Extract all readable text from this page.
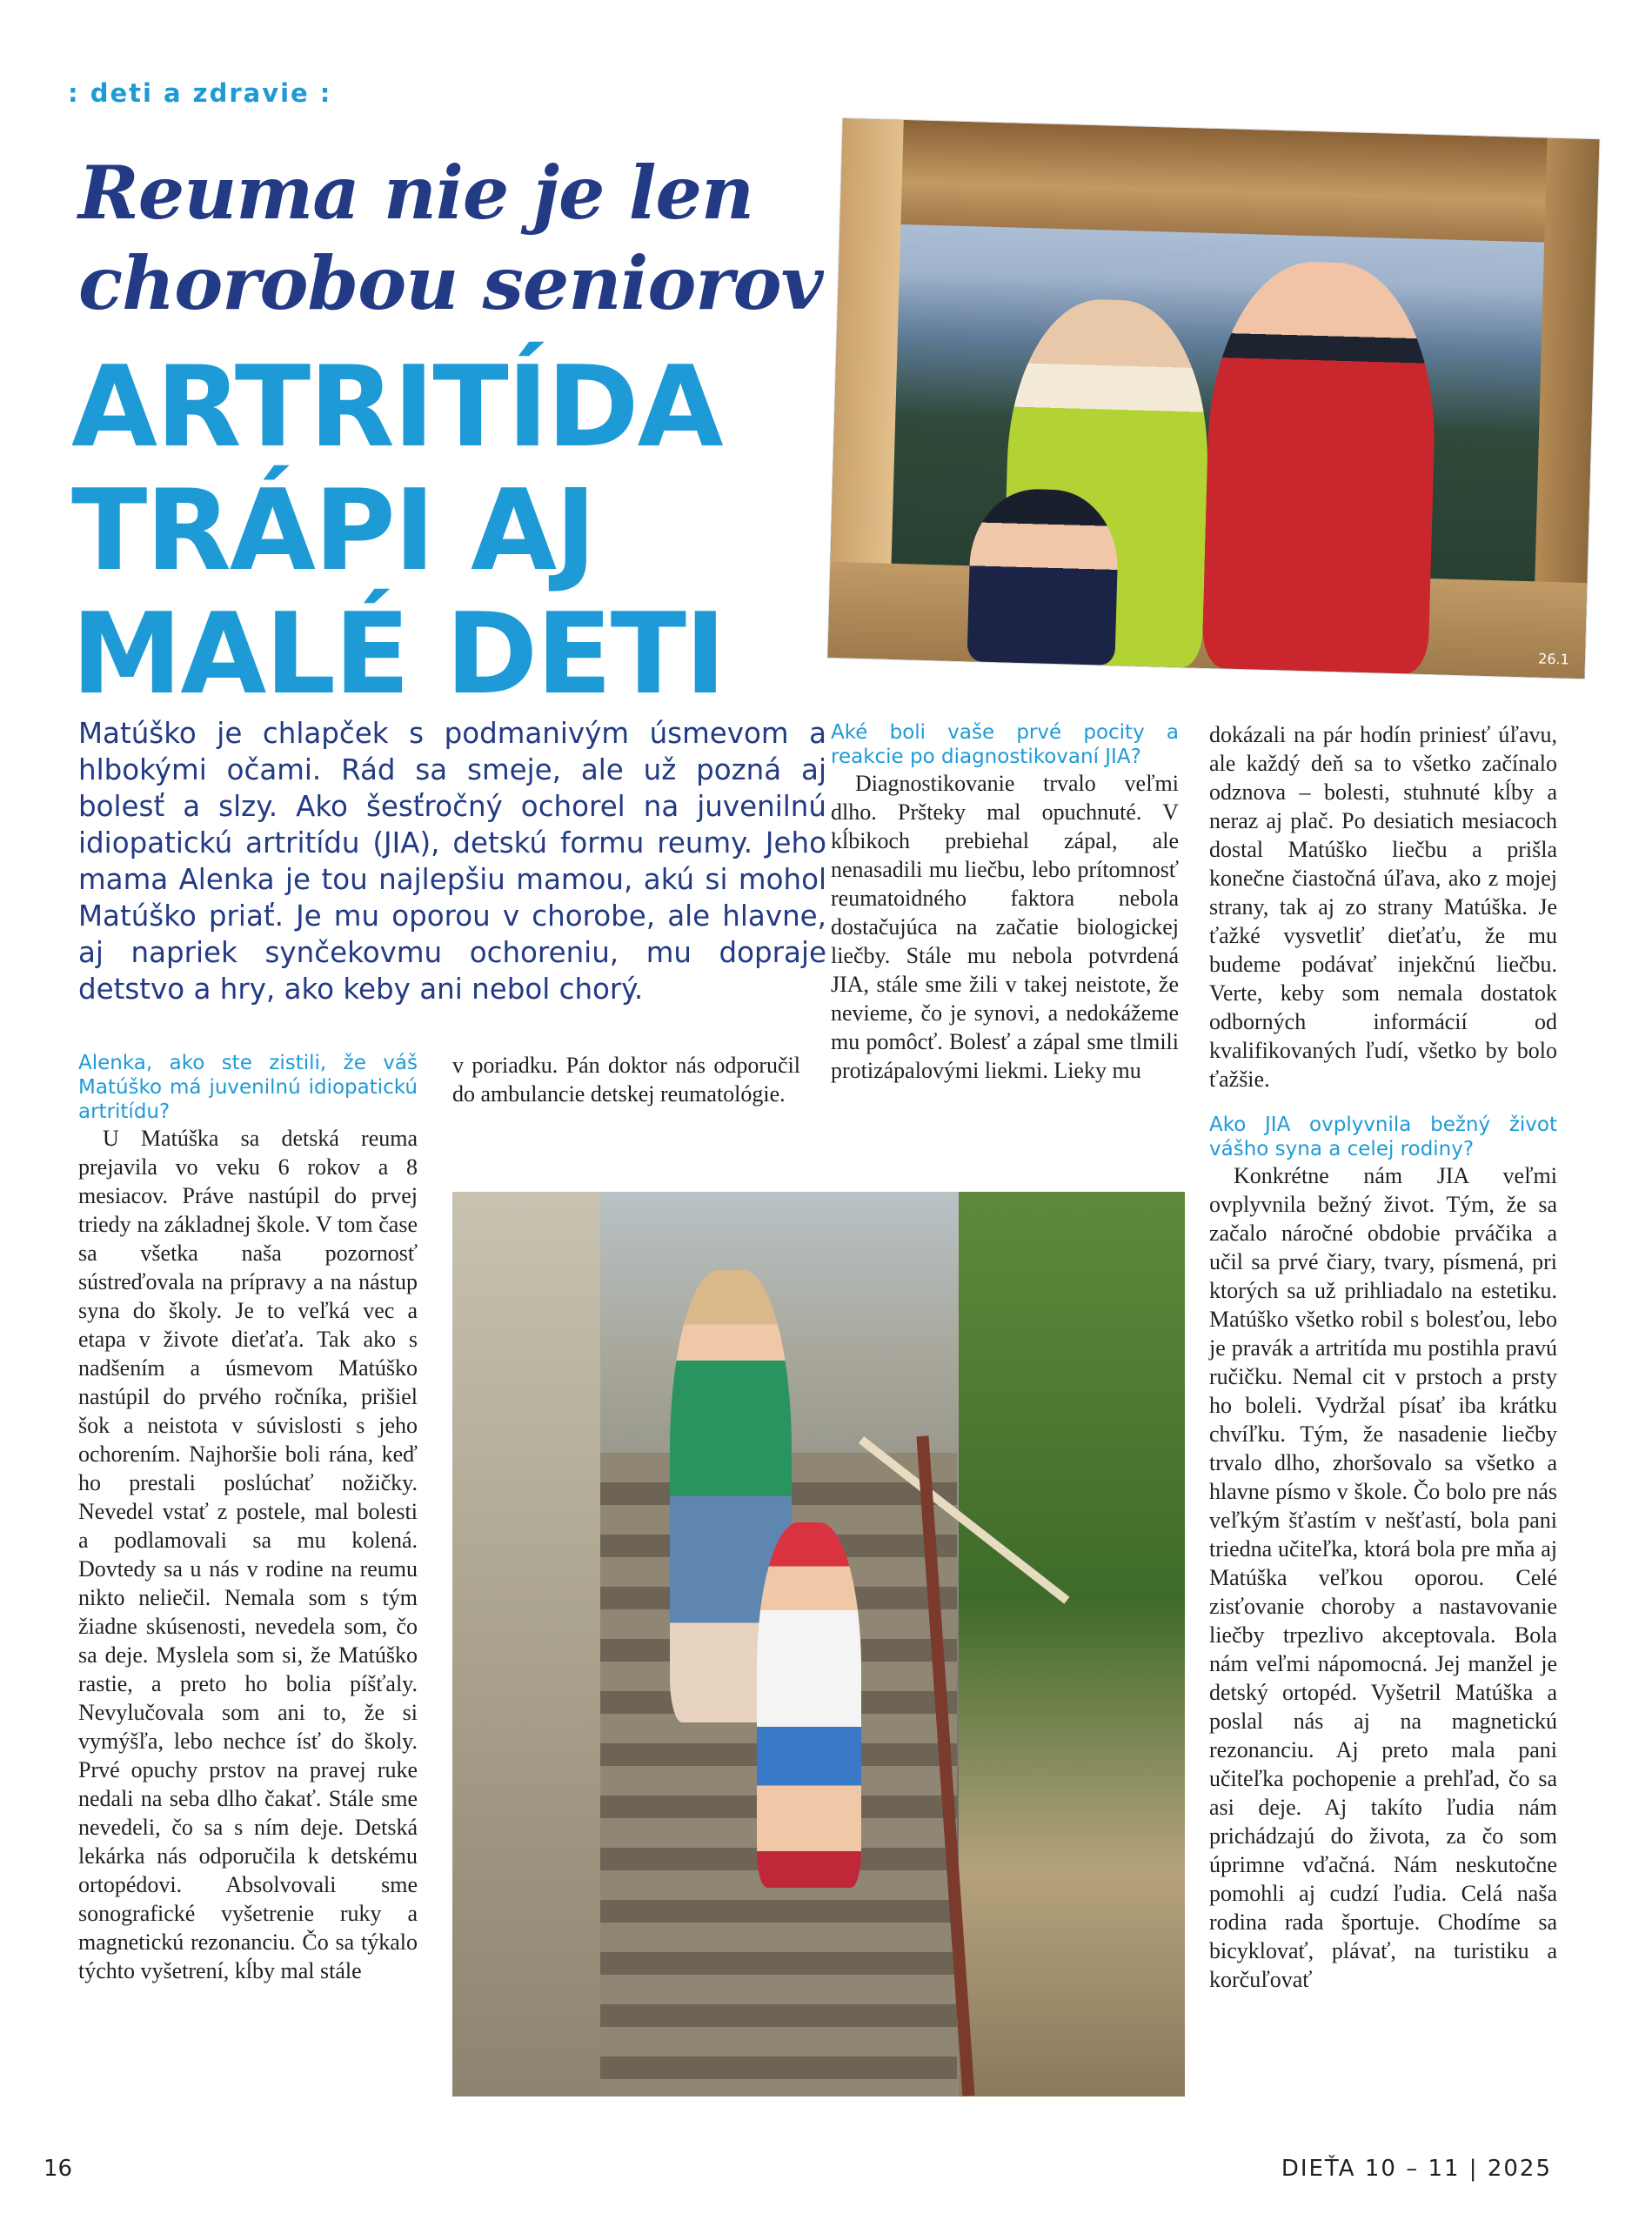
: deti a zdravie :
Reuma nie je len
chorobou seniorov
ARTRITÍDA
TRÁPI AJ
MALÉ DETI	26.1
Matúško je chlapček s podmanivým úsmevom a hlbokými očami. Rád sa smeje, ale už pozná aj bolesť a slzy. Ako šesťročný ochorel na juvenilnú idiopatickú artritídu (JIA), detskú formu reumy. Jeho mama Alenka je tou najlepšiu mamou, akú si mohol Matúško priať. Je mu oporou v chorobe, ale hlavne, aj napriek synčekovmu ochoreniu, mu dopraje detstvo a hry, ako keby ani nebol chorý.

Alenka, ako ste zistili, že váš Matúško má juvenilnú idiopatickú artritídu?

U Matúška sa detská reuma prejavila vo veku 6 rokov a 8 mesiacov. Práve nastúpil do prvej triedy na základnej škole. V tom čase sa všetka naša pozornosť sústreďovala na prípravy a na nástup syna do školy. Je to veľká vec a etapa v živote dieťaťa. Tak ako s nadšením a úsmevom Matúško nastúpil do prvého ročníka, prišiel šok a neistota v súvislosti s jeho ochorením. Najhoršie boli rána, keď ho prestali poslúchať nožičky. Nevedel vstať z postele, mal bolesti a podlamovali sa mu kolená. Dovtedy sa u nás v rodine na reumu nikto neliečil. Nemala som s tým žiadne skúsenosti, nevedela som, čo sa deje. Myslela som si, že Matúško rastie, a preto ho bolia píšťaly. Nevylučovala som ani to, že si vymýšľa, lebo nechce ísť do školy. Prvé opuchy prstov na pravej ruke nedali na seba dlho čakať. Stále sme nevedeli, čo sa s ním deje. Detská lekárka nás odporučila k detskému ortopédovi. Absolvovali sme sonografické vyšetrenie ruky a magnetickú rezonanciu. Čo sa týkalo týchto vyšetrení, kĺby mal stále

v poriadku. Pán doktor nás odporučil do ambulancie detskej reumatológie.

Aké boli vaše prvé pocity a reakcie po diagnostikovaní JIA?

Diagnostikovanie trvalo veľmi dlho. Pršteky mal opuchnuté. V kĺbikoch prebiehal zápal, ale nenasadili mu liečbu, lebo prítomnosť reumatoidného faktora nebola dostačujúca na začatie biologickej liečby. Stále mu nebola potvrdená JIA, stále sme žili v takej neistote, že nevieme, čo je synovi, a nedokážeme mu pomôcť. Bolesť a zápal sme tlmili protizápalovými liekmi. Lieky mu

dokázali na pár hodín priniesť úľavu, ale každý deň sa to všetko začínalo odznova – bolesti, stuhnuté kĺby a neraz aj plač. Po desiatich mesiacoch dostal Matúško liečbu a prišla konečne čiastočná úľava, ako z mojej strany, tak aj zo strany Matúška. Je ťažké vysvetliť dieťaťu, že mu budeme podávať injekčnú liečbu. Verte, keby som nemala dostatok odborných informácií od kvalifikovaných ľudí, všetko by bolo ťažšie.

Ako JIA ovplyvnila bežný život vášho syna a celej rodiny?

Konkrétne nám JIA veľmi ovplyvnila bežný život. Tým, že sa začalo náročné obdobie prváčika a učil sa prvé čiary, tvary, písmená, pri ktorých sa už prihliadalo na estetiku. Matúško všetko robil s bolesťou, lebo je pravák a artritída mu postihla pravú ručičku. Nemal cit v prstoch a prsty ho boleli. Vydržal písať iba krátku chvíľku. Tým, že nasadenie liečby trvalo dlho, zhoršovalo sa všetko a hlavne písmo v škole. Čo bolo pre nás veľkým šťastím v nešťastí, bola pani triedna učiteľka, ktorá bola pre mňa aj Matúška veľkou oporou. Celé zisťovanie choroby a nastavovanie liečby trpezlivo akceptovala. Bola nám veľmi nápomocná. Jej manžel je detský ortopéd. Vyšetril Matúška a poslal nás aj na magnetickú rezonanciu. Aj preto mala pani učiteľka pochopenie a prehľad, čo sa asi deje. Aj takíto ľudia nám prichádzajú do života, za čo som úprimne vďačná. Nám neskutočne pomohli aj cudzí ľudia. Celá naša rodina rada športuje. Chodíme sa bicyklovať, plávať, na turistiku a korčuľovať

16	DIEŤA 10 – 11 | 2025
